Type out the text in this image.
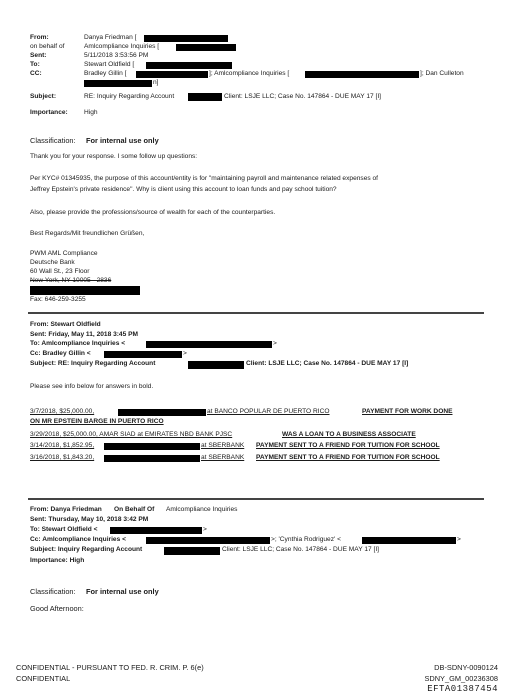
From:	Danya Friedman [
on behalf of	Amlcompliance Inquiries [
Sent:	5/11/2018 3:53:56 PM
To:	Stewart Oldfield [
CC:	Bradley Gillin [	]; Amlcompliance Inquiries [	]; Dan Culleton
n]
Subject:	RE: Inquiry Regarding Account	Client: LSJE LLC; Case No. 147864 - DUE MAY 17 [I]
Importance: High
Classification: For internal use only
Thank you for your response. I some follow up questions:
Per KYC# 01345935, the purpose of this account/entity is for "maintaining payroll and maintenance related expenses of
Jeffrey Epstein's private residence". Why is client using this account to loan funds and pay school tuition?
Also, please provide the professions/source of wealth for each of the counterparties.
Best Regards/Mit freundlichen Grüßen,
PWM AML Compliance
Deutsche Bank
60 Wall St., 23 Floor
New York, NY 10005 - 2836
Fax: 646-259-3255
From: Stewart Oldfield
Sent: Friday, May 11, 2018 3:45 PM
To: Amlcompliance Inquiries <	>
Cc: Bradley Gillin <	>
Subject: RE: Inquiry Regarding Account	Client: LSJE LLC; Case No. 147864 - DUE MAY 17 [I]
Please see info below for answers in bold.
3/7/2018, $25,000.00,	at BANCO POPULAR DE PUERTO RICO	PAYMENT FOR WORK DONE
ON MR EPSTEIN BARGE IN PUERTO RICO
3/29/2018, $25,000.00, AMAR SIAD at EMIRATES NBD BANK PJSC	WAS A LOAN TO A BUSINESS ASSOCIATE
3/14/2018, $1,852.95,	at SBERBANK PAYMENT SENT TO A FRIEND FOR TUITION FOR SCHOOL
3/16/2018, $1,843.20,	at SBERBANK PAYMENT SENT TO A FRIEND FOR TUITION FOR SCHOOL
From: Danya Friedman On Behalf Of Amlcompliance Inquiries
Sent: Thursday, May 10, 2018 3:42 PM
To: Stewart Oldfield <	>
Cc: Amlcompliance Inquiries <	>; 'Cynthia Rodriguez' <	>
Subject: Inquiry Regarding Account	Client: LSJE LLC; Case No. 147864 - DUE MAY 17 [I]
Importance: High
Classification: For internal use only
Good Afternoon:
CONFIDENTIAL - PURSUANT TO FED. R. CRIM. P. 6(e)
CONFIDENTIAL
DB-SDNY-0090124
SDNY_GM_00236308
EFTA01387454
